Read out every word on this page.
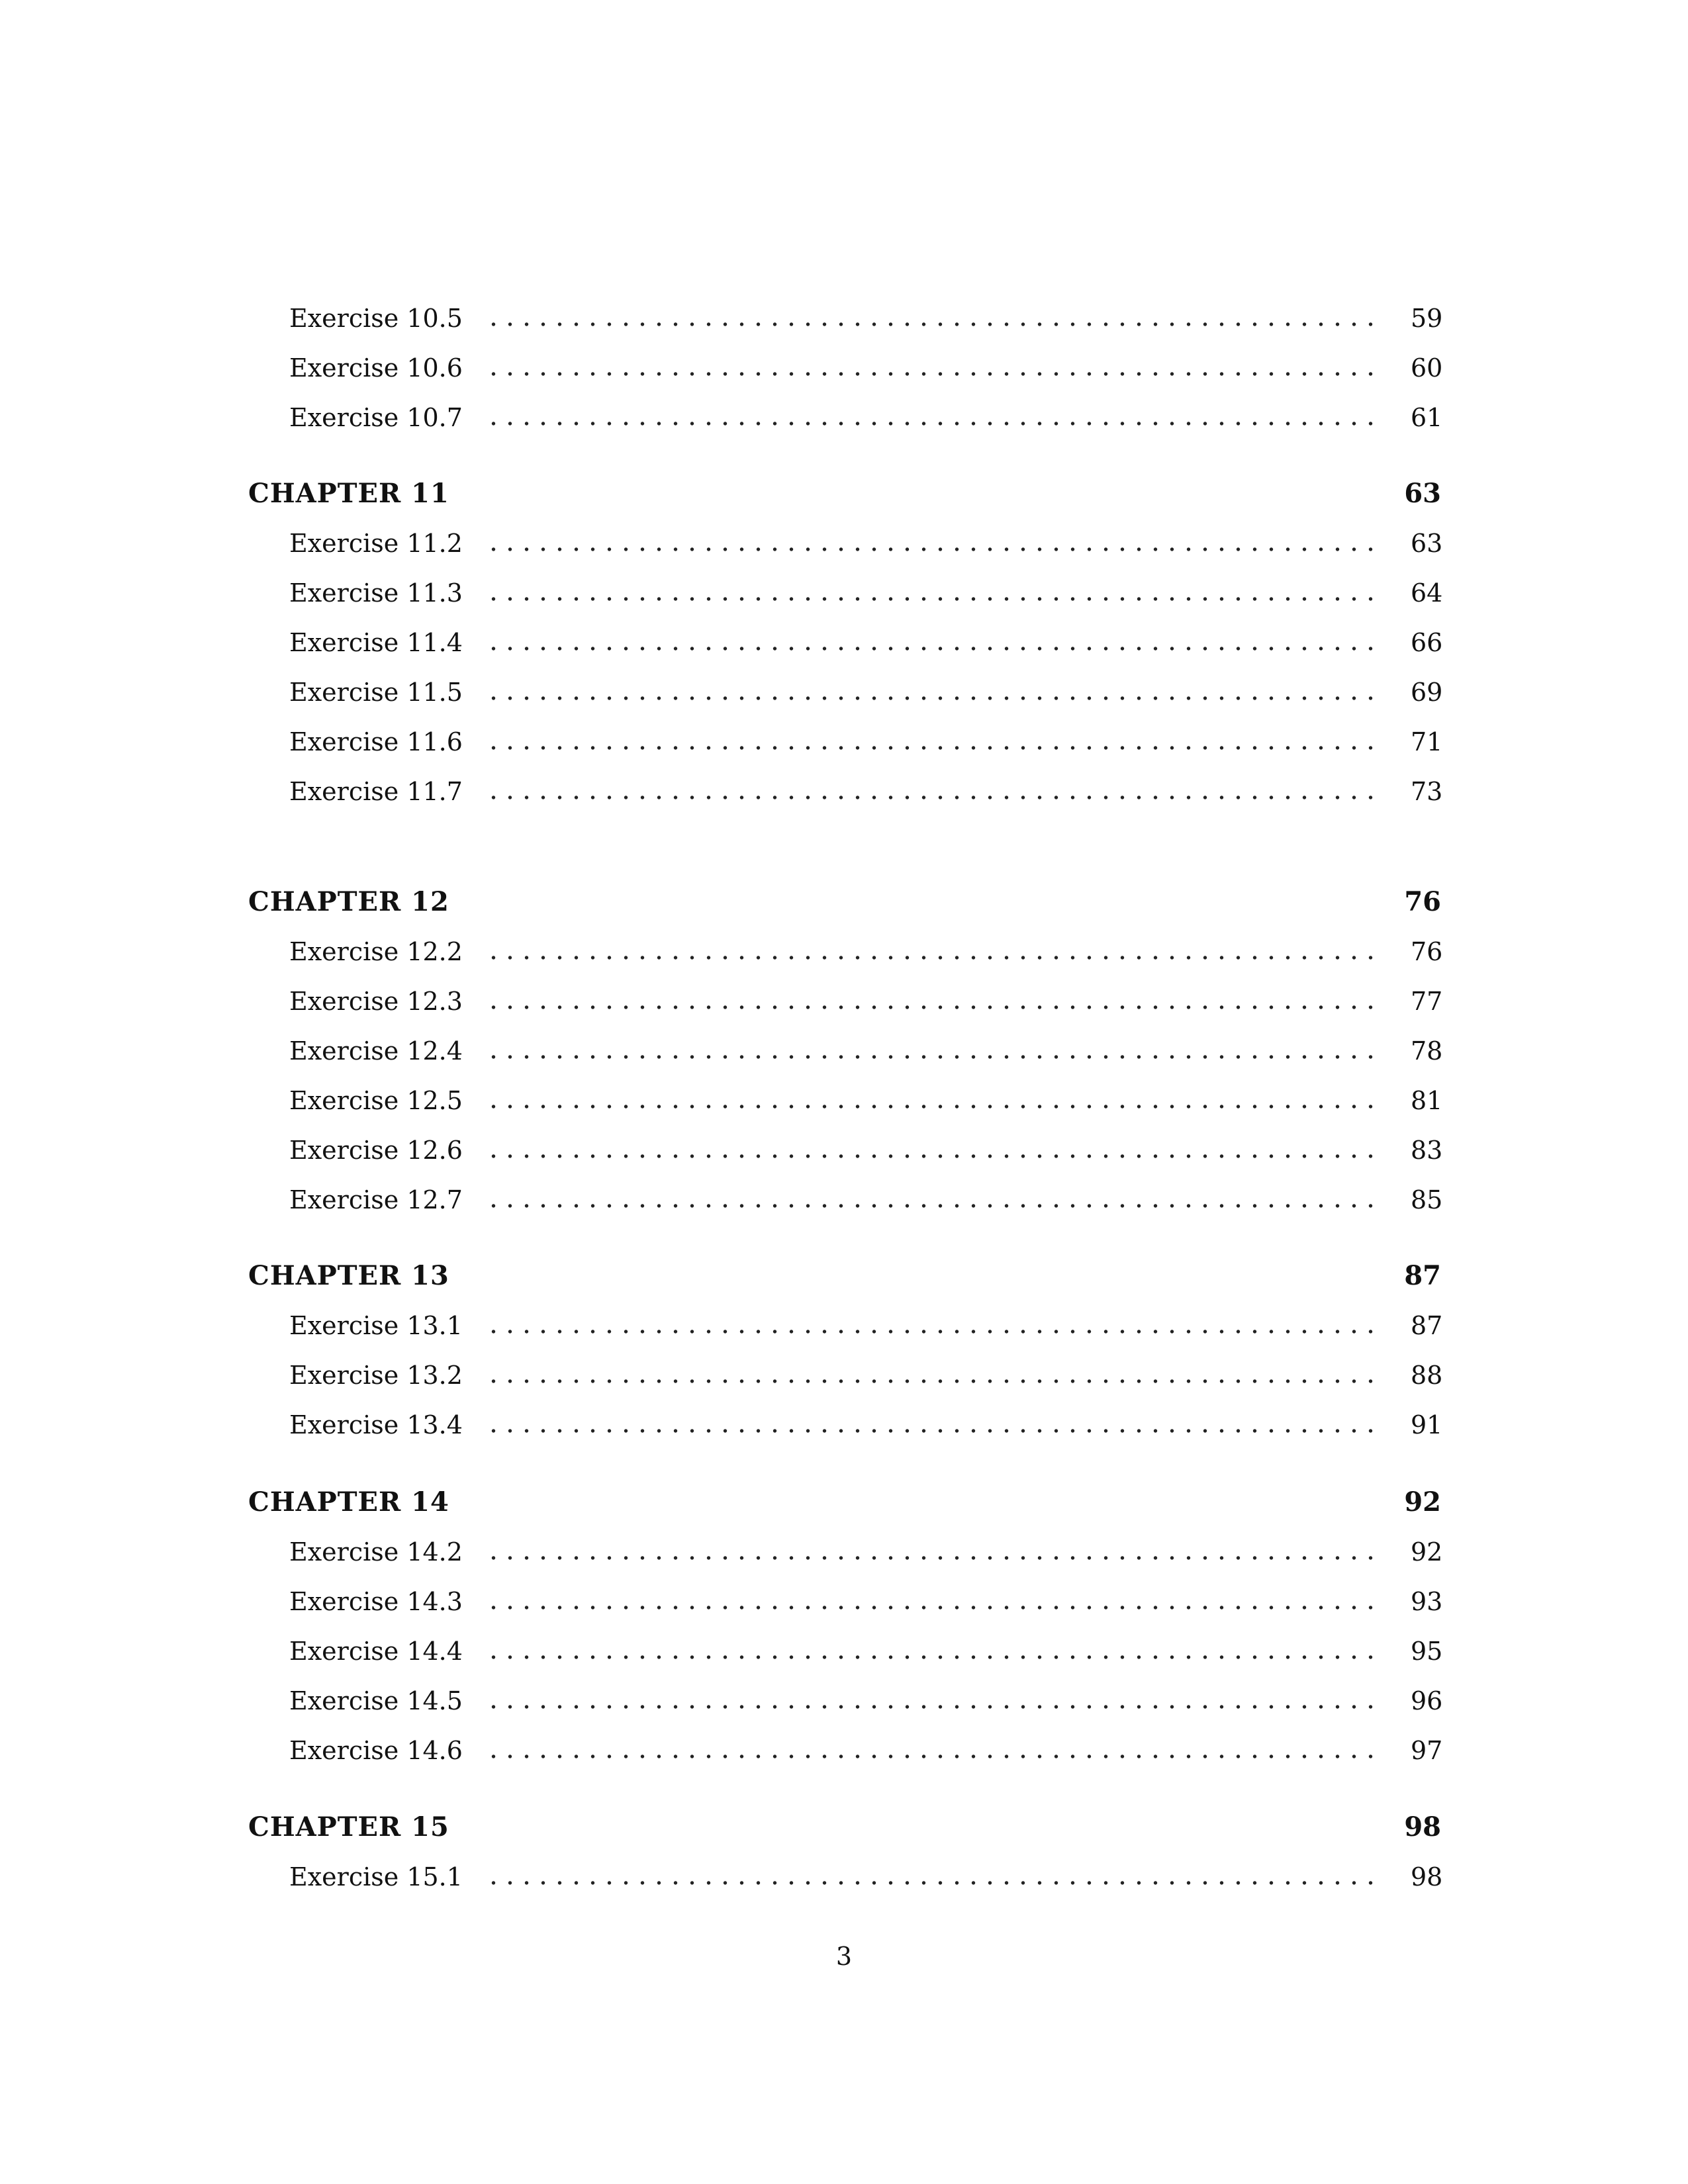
Exercise 10.5	59
Exercise 10.6	60
Exercise 10.7	61
CHAPTER 11	63
Exercise 11.2	63
Exercise 11.3	64
Exercise 11.4	66
Exercise 11.5	69
Exercise 11.6	71
Exercise 11.7	73
CHAPTER 12	76
Exercise 12.2	76
Exercise 12.3	77
Exercise 12.4	78
Exercise 12.5	81
Exercise 12.6	83
Exercise 12.7	85
CHAPTER 13	87
Exercise 13.1	87
Exercise 13.2	88
Exercise 13.4	91
CHAPTER 14	92
Exercise 14.2	92
Exercise 14.3	93
Exercise 14.4	95
Exercise 14.5	96
Exercise 14.6	97
CHAPTER 15	98
Exercise 15.1	98
3
